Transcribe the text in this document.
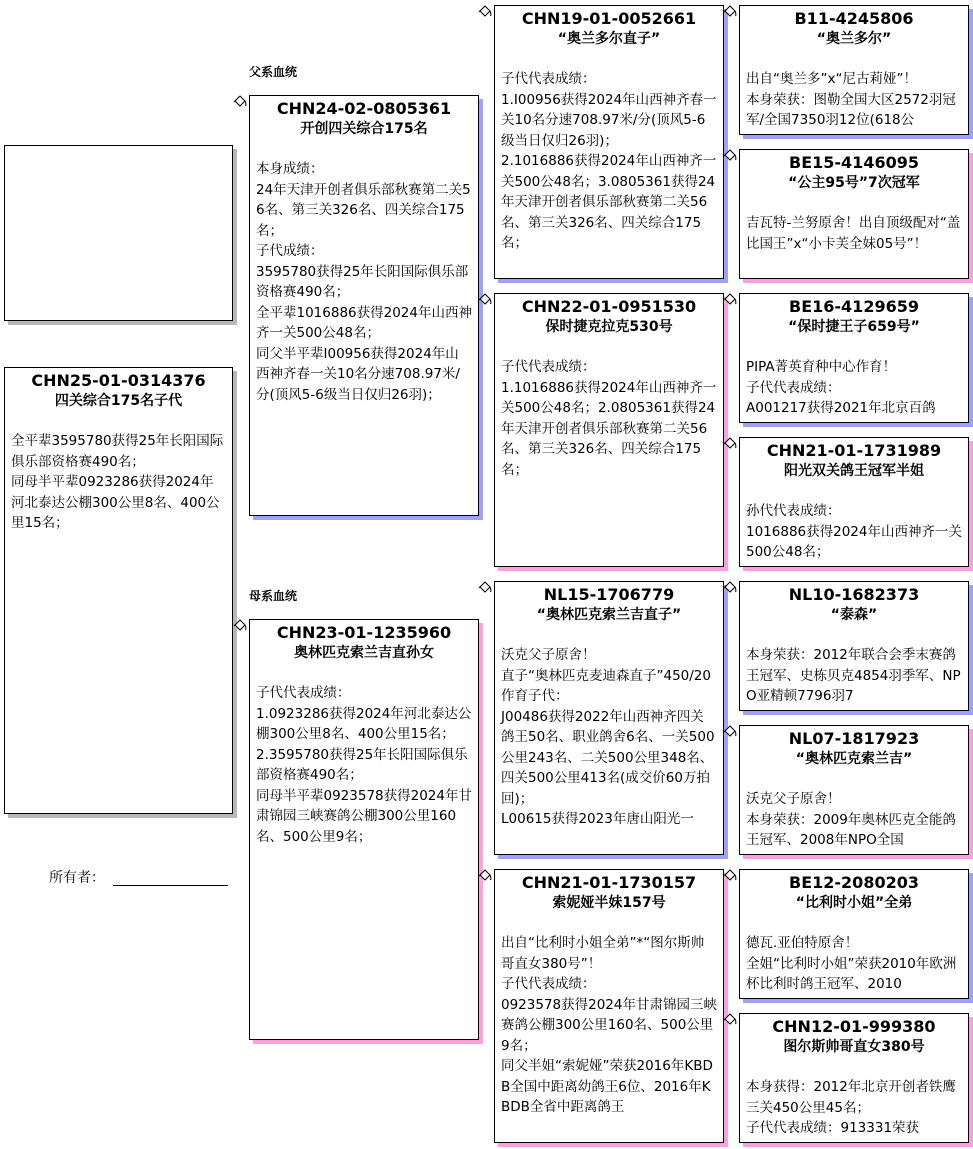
CHN25-01-0314376
四关综合175名子代
全平辈3595780获得25年长阳国际俱乐部资格赛490名；
同母半平辈0923286获得2024年河北泰达公棚300公里8名、400公里15名；
所有者：
父系血统
母系血统
CHN24-02-0805361
开创四关综合175名
本身成绩：
24年天津开创者俱乐部秋赛第二关56名、第三关326名、四关综合175名；
子代成绩：
3595780获得25年长阳国际俱乐部资格赛490名；
全平辈1016886获得2024年山西神齐一关500公48名；
同父半平辈I00956获得2024年山西神齐春一关10名分速708.97米/分(顶风5-6级当日仅归26羽)；
CHN23-01-1235960
奥林匹克索兰吉直孙女
子代代表成绩：
1.0923286获得2024年河北泰达公棚300公里8名、400公里15名；
2.3595780获得25年长阳国际俱乐部资格赛490名；
同母半平辈0923578获得2024年甘肃锦园三峡赛鸽公棚300公里160名、500公里9名；
CHN19-01-0052661
“奥兰多尔直子”
子代代表成绩：
1.I00956获得2024年山西神齐春一关10名分速708.97米/分(顶风5-6级当日仅归26羽)；
2.1016886获得2024年山西神齐一关500公48名；3.0805361获得24年天津开创者俱乐部秋赛第二关56名、第三关326名、四关综合175名；
CHN22-01-0951530
保时捷克拉克530号
子代代表成绩：
1.1016886获得2024年山西神齐一关500公48名；2.0805361获得24年天津开创者俱乐部秋赛第二关56名、第三关326名、四关综合175名；
NL15-1706779
“奥林匹克索兰吉直子”
沃克父子原舍！
直子“奥林匹克麦迪森直子”450/20作育子代：
J00486获得2022年山西神齐四关鸽王50名、职业鸽舍6名、一关500公里243名、二关500公里348名、四关500公里413名(成交价60万拍回)；
L00615获得2023年唐山阳光一
CHN21-01-1730157
索妮娅半妹157号
出自“比利时小姐全弟”*“图尔斯帅哥直女380号”！
子代代表成绩：
0923578获得2024年甘肃锦园三峡赛鸽公棚300公里160名、500公里9名；
同父半姐“索妮娅”荣获2016年KBDB全国中距离幼鸽王6位、2016年KBDB全省中距离鸽王
B11-4245806
“奥兰多尔”
出自“奥兰多”x“尼古莉娅”！
本身荣获：图勒全国大区2572羽冠军/全国7350羽12位(618公
BE15-4146095
“公主95号”7次冠军
吉瓦特-兰努原舍！出自顶级配对“盖比国王”x“小卡芙全妹05号”！
BE16-4129659
“保时捷王子659号”
PIPA菁英育种中心作育！
子代代表成绩：
A001217获得2021年北京百鸽
CHN21-01-1731989
阳光双关鸽王冠军半姐
孙代代表成绩：
1016886获得2024年山西神齐一关500公48名；
NL10-1682373
“泰森”
本身荣获：2012年联合会季末赛鸽王冠军、史栋贝克4854羽季军、NPO亚精顿7796羽7
NL07-1817923
“奥林匹克索兰吉”
沃克父子原舍！
本身荣获：2009年奥林匹克全能鸽王冠军、2008年NPO全国
BE12-2080203
“比利时小姐”全弟
德瓦.亚伯特原舍！
全姐“比利时小姐”荣获2010年欧洲杯比利时鸽王冠军、2010
CHN12-01-999380
图尔斯帅哥直女380号
本身获得：2012年北京开创者铁鹰三关450公里45名；
子代代表成绩：913331荣获
